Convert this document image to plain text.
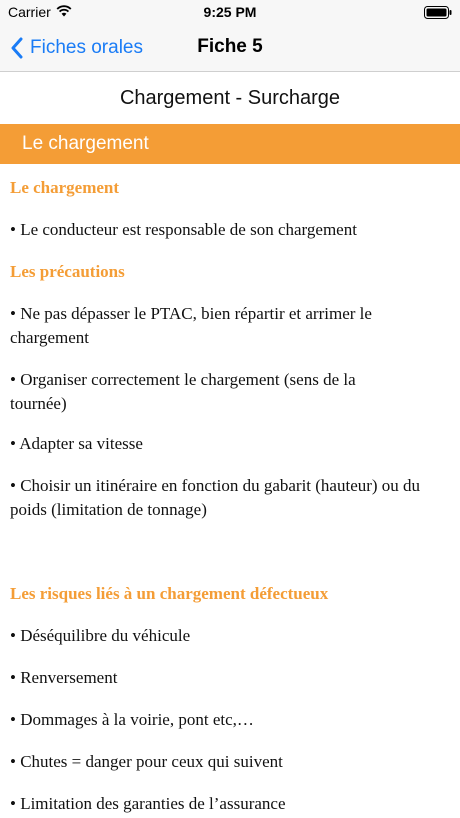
Carrier	9:25 PM
Fiches orales	Fiche 5
Chargement - Surcharge
Le chargement
Le chargement
• Le conducteur est responsable de son chargement
Les précautions
• Ne pas dépasser le PTAC, bien répartir et arrimer le chargement
• Organiser correctement le chargement (sens de la tournée)
• Adapter sa vitesse
• Choisir un itinéraire en fonction du gabarit (hauteur) ou du poids (limitation de tonnage)
Les risques liés à un chargement défectueux
• Déséquilibre du véhicule
• Renversement
• Dommages à la voirie, pont etc,…
• Chutes = danger pour ceux qui suivent
• Limitation des garanties de l’assurance
